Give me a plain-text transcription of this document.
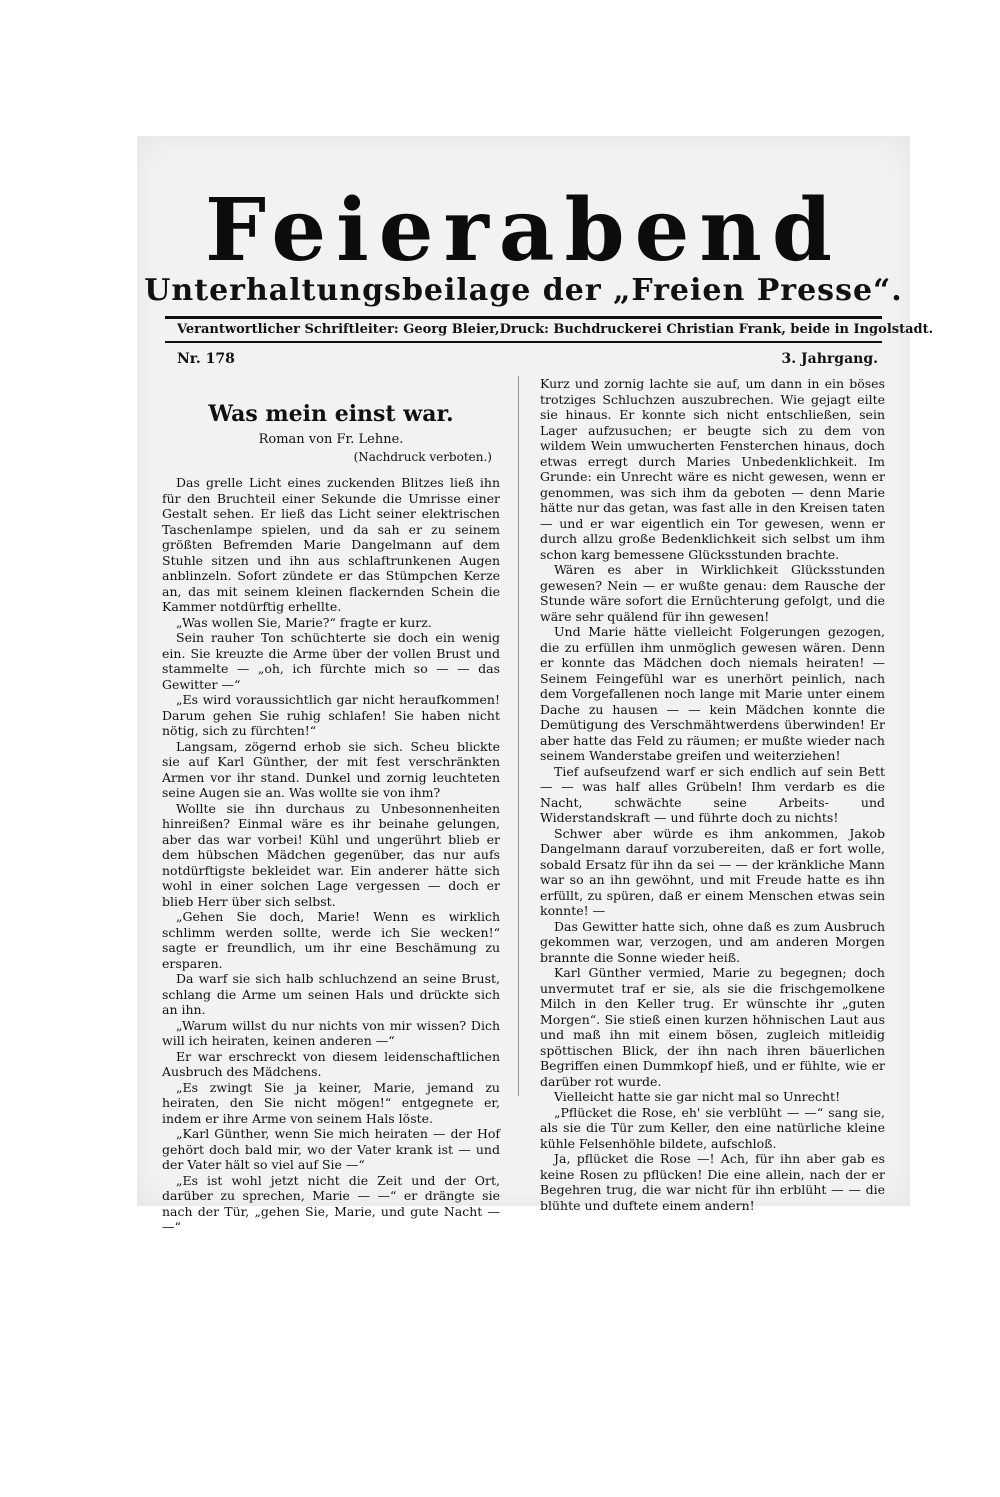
Feierabend
Unterhaltungsbeilage der „Freien Presse“.
Verantwortlicher Schriftleiter: Georg Bleier, Druck: Buchdruckerei Christian Frank, beide in Ingolstadt.
Nr. 178	3. Jahrgang.
Was mein einst war.
Roman von Fr. Lehne.
(Nachdruck verboten.)

Das grelle Licht eines zuckenden Blitzes ließ ihn für den Bruchteil einer Sekunde die Umrisse einer Gestalt sehen. Er ließ das Licht seiner elektrischen Taschenlampe spielen, und da sah er zu seinem größten Befremden Marie Dangelmann auf dem Stuhle sitzen und ihn aus schlaftrunkenen Augen anblinzeln. Sofort zündete er das Stümpchen Kerze an, das mit seinem kleinen flackernden Schein die Kammer notdürftig erhellte.

„Was wollen Sie, Marie?“ fragte er kurz.

Sein rauher Ton schüchterte sie doch ein wenig ein. Sie kreuzte die Arme über der vollen Brust und stammelte — „oh, ich fürchte mich so — — das Gewitter —“

„Es wird voraussichtlich gar nicht heraufkommen! Darum gehen Sie ruhig schlafen! Sie haben nicht nötig, sich zu fürchten!“

Langsam, zögernd erhob sie sich. Scheu blickte sie auf Karl Günther, der mit fest verschränkten Armen vor ihr stand. Dunkel und zornig leuchteten seine Augen sie an. Was wollte sie von ihm?

Wollte sie ihn durchaus zu Unbesonnenheiten hinreißen? Einmal wäre es ihr beinahe gelungen, aber das war vorbei! Kühl und ungerührt blieb er dem hübschen Mädchen gegenüber, das nur aufs notdürftigste bekleidet war. Ein anderer hätte sich wohl in einer solchen Lage vergessen — doch er blieb Herr über sich selbst.

„Gehen Sie doch, Marie! Wenn es wirklich schlimm werden sollte, werde ich Sie wecken!“ sagte er freundlich, um ihr eine Beschämung zu ersparen.

Da warf sie sich halb schluchzend an seine Brust, schlang die Arme um seinen Hals und drückte sich an ihn.

„Warum willst du nur nichts von mir wissen? Dich will ich heiraten, keinen anderen —“

Er war erschreckt von diesem leidenschaftlichen Ausbruch des Mädchens.

„Es zwingt Sie ja keiner, Marie, jemand zu heiraten, den Sie nicht mögen!“ entgegnete er, indem er ihre Arme von seinem Hals löste.

„Karl Günther, wenn Sie mich heiraten — der Hof gehört doch bald mir, wo der Vater krank ist — und der Vater hält so viel auf Sie —“

„Es ist wohl jetzt nicht die Zeit und der Ort, darüber zu sprechen, Marie — —“ er drängte sie nach der Tür, „gehen Sie, Marie, und gute Nacht — —“

Kurz und zornig lachte sie auf, um dann in ein böses trotziges Schluchzen auszubrechen. Wie gejagt eilte sie hinaus. Er konnte sich nicht entschließen, sein Lager aufzusuchen; er beugte sich zu dem von wildem Wein umwucherten Fensterchen hinaus, doch etwas erregt durch Maries Unbedenklichkeit. Im Grunde: ein Unrecht wäre es nicht gewesen, wenn er genommen, was sich ihm da geboten — denn Marie hätte nur das getan, was fast alle in den Kreisen taten — und er war eigentlich ein Tor gewesen, wenn er durch allzu große Bedenklichkeit sich selbst um ihm schon karg bemessene Glücksstunden brachte.

Wären es aber in Wirklichkeit Glücksstunden gewesen? Nein — er wußte genau: dem Rausche der Stunde wäre sofort die Ernüchterung gefolgt, und die wäre sehr quälend für ihn gewesen!

Und Marie hätte vielleicht Folgerungen gezogen, die zu erfüllen ihm unmöglich gewesen wären. Denn er konnte das Mädchen doch niemals heiraten! — Seinem Feingefühl war es unerhört peinlich, nach dem Vorgefallenen noch lange mit Marie unter einem Dache zu hausen — — kein Mädchen konnte die Demütigung des Verschmähtwerdens überwinden! Er aber hatte das Feld zu räumen; er mußte wieder nach seinem Wanderstabe greifen und weiterziehen!

Tief aufseufzend warf er sich endlich auf sein Bett — — was half alles Grübeln! Ihm verdarb es die Nacht, schwächte seine Arbeits- und Widerstandskraft — und führte doch zu nichts!

Schwer aber würde es ihm ankommen, Jakob Dangelmann darauf vorzubereiten, daß er fort wolle, sobald Ersatz für ihn da sei — — der kränkliche Mann war so an ihn gewöhnt, und mit Freude hatte es ihn erfüllt, zu spüren, daß er einem Menschen etwas sein konnte! —

Das Gewitter hatte sich, ohne daß es zum Ausbruch gekommen war, verzogen, und am anderen Morgen brannte die Sonne wieder heiß.

Karl Günther vermied, Marie zu begegnen; doch unvermutet traf er sie, als sie die frischgemolkene Milch in den Keller trug. Er wünschte ihr „guten Morgen“. Sie stieß einen kurzen höhnischen Laut aus und maß ihn mit einem bösen, zugleich mitleidig spöttischen Blick, der ihn nach ihren bäuerlichen Begriffen einen Dummkopf hieß, und er fühlte, wie er darüber rot wurde.

Vielleicht hatte sie gar nicht mal so Unrecht!

„Pflücket die Rose, eh' sie verblüht — —“ sang sie, als sie die Tür zum Keller, den eine natürliche kleine kühle Felsenhöhle bildete, aufschloß.

Ja, pflücket die Rose —! Ach, für ihn aber gab es keine Rosen zu pflücken! Die eine allein, nach der er Begehren trug, die war nicht für ihn erblüht — — die blühte und duftete einem andern!
